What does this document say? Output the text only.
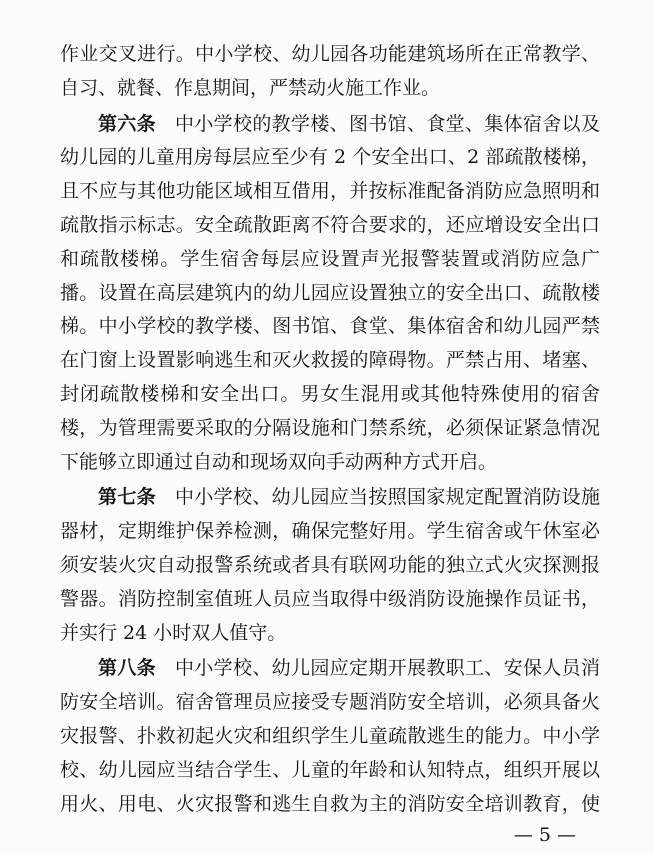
作业交叉进行。中小学校、幼儿园各功能建筑场所在正常教学、
自习、就餐、作息期间，严禁动火施工作业。
第六条 中小学校的教学楼、图书馆、食堂、集体宿舍以及
幼儿园的儿童用房每层应至少有 2 个安全出口、2 部疏散楼梯，
且不应与其他功能区域相互借用，并按标准配备消防应急照明和
疏散指示标志。安全疏散距离不符合要求的，还应增设安全出口
和疏散楼梯。学生宿舍每层应设置声光报警装置或消防应急广
播。设置在高层建筑内的幼儿园应设置独立的安全出口、疏散楼
梯。中小学校的教学楼、图书馆、食堂、集体宿舍和幼儿园严禁
在门窗上设置影响逃生和灭火救援的障碍物。严禁占用、堵塞、
封闭疏散楼梯和安全出口。男女生混用或其他特殊使用的宿舍
楼，为管理需要采取的分隔设施和门禁系统，必须保证紧急情况
下能够立即通过自动和现场双向手动两种方式开启。
第七条 中小学校、幼儿园应当按照国家规定配置消防设施
器材，定期维护保养检测，确保完整好用。学生宿舍或午休室必
须安装火灾自动报警系统或者具有联网功能的独立式火灾探测报
警器。消防控制室值班人员应当取得中级消防设施操作员证书，
并实行 24 小时双人值守。
第八条 中小学校、幼儿园应定期开展教职工、安保人员消
防安全培训。宿舍管理员应接受专题消防安全培训，必须具备火
灾报警、扑救初起火灾和组织学生儿童疏散逃生的能力。中小学
校、幼儿园应当结合学生、儿童的年龄和认知特点，组织开展以
用火、用电、火灾报警和逃生自救为主的消防安全培训教育，使
— 5 —
